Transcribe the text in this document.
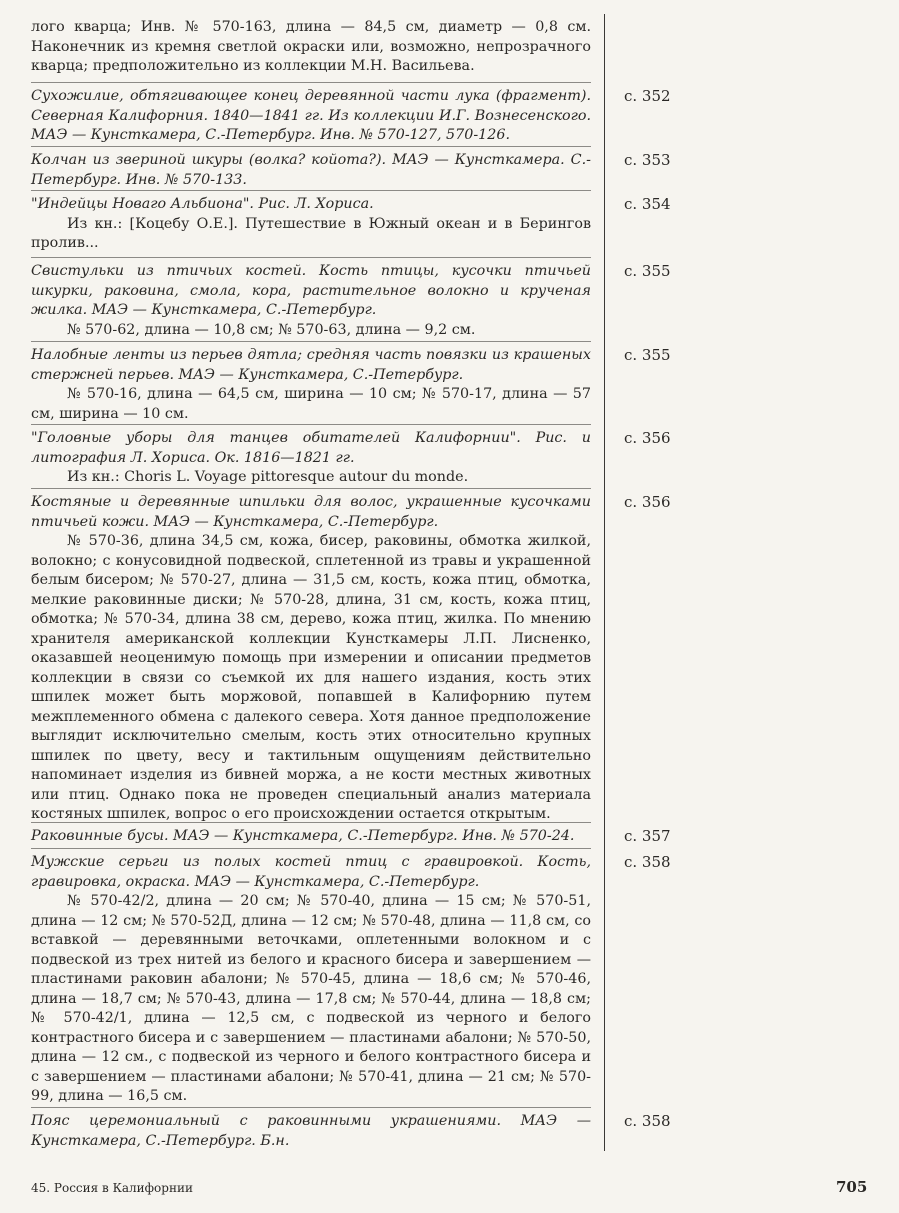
лого кварца; Инв. № 570-163, длина — 84,5 см, диаметр — 0,8 см. Наконечник из кремня светлой окраски или, возможно, непрозрачного кварца; предположительно из коллекции М.Н. Васильева.
Сухожилие, обтягивающее конец деревянной части лука (фрагмент). Северная Калифорния. 1840—1841 гг. Из коллекции И.Г. Вознесенского. МАЭ — Кунсткамера, С.-Петербург. Инв. № 570-127, 570-126.
с. 352
Колчан из звериной шкуры (волка? койота?). МАЭ — Кунсткамера. С.-Петербург. Инв. № 570-133.
с. 353
"Индейцы Новаго Альбиона". Рис. Л. Хориса.
Из кн.: [Коцебу О.Е.]. Путешествие в Южный океан и в Берингов пролив...
с. 354
Свистульки из птичьих костей. Кость птицы, кусочки птичьей шкурки, раковина, смола, кора, растительное волокно и крученая жилка. МАЭ — Кунсткамера, С.-Петербург.
№ 570-62, длина — 10,8 см; № 570-63, длина — 9,2 см.
с. 355
Налобные ленты из перьев дятла; средняя часть повязки из крашеных стержней перьев. МАЭ — Кунсткамера, С.-Петербург.
№ 570-16, длина — 64,5 см, ширина — 10 см; № 570-17, длина — 57 см, ширина — 10 см.
с. 355
"Головные уборы для танцев обитателей Калифорнии". Рис. и литография Л. Хориса. Ок. 1816—1821 гг.
Из кн.: Choris L. Voyage pittoresque autour du monde.
с. 356
Костяные и деревянные шпильки для волос, украшенные кусочками птичьей кожи. МАЭ — Кунсткамера, С.-Петербург.
№ 570-36, длина 34,5 см, кожа, бисер, раковины, обмотка жилкой, волокно; с конусовидной подвеской, сплетенной из травы и украшенной белым бисером; № 570-27, длина — 31,5 см, кость, кожа птиц, обмотка, мелкие раковинные диски; № 570-28, длина, 31 см, кость, кожа птиц, обмотка; № 570-34, длина 38 см, дерево, кожа птиц, жилка. По мнению хранителя американской коллекции Кунсткамеры Л.П. Лисненко, оказавшей неоценимую помощь при измерении и описании предметов коллекции в связи со съемкой их для нашего издания, кость этих шпилек может быть моржовой, попавшей в Калифорнию путем межплеменного обмена с далекого севера. Хотя данное предположение выглядит исключительно смелым, кость этих относительно крупных шпилек по цвету, весу и тактильным ощущениям действительно напоминает изделия из бивней моржа, а не кости местных животных или птиц. Однако пока не проведен специальный анализ материала костяных шпилек, вопрос о его происхождении остается открытым.
с. 356
Раковинные бусы. МАЭ — Кунсткамера, С.-Петербург. Инв. № 570-24.	с. 357
Мужские серьги из полых костей птиц с гравировкой. Кость, гравировка, окраска. МАЭ — Кунсткамера, С.-Петербург.
№ 570-42/2, длина — 20 см; № 570-40, длина — 15 см; № 570-51, длина — 12 см; № 570-52Д, длина — 12 см; № 570-48, длина — 11,8 см, со вставкой — деревянными веточками, оплетенными волокном и с подвеской из трех нитей из белого и красного бисера и завершением — пластинами раковин абалони; № 570-45, длина — 18,6 см; № 570-46, длина — 18,7 см; № 570-43, длина — 17,8 см; № 570-44, длина — 18,8 см; № 570-42/1, длина — 12,5 см, с подвеской из черного и белого контрастного бисера и с завершением — пластинами абалони; № 570-50, длина — 12 см., с подвеской из черного и белого контрастного бисера и с завершением — пластинами абалони; № 570-41, длина — 21 см; № 570-99, длина — 16,5 см.
с. 358
Пояс церемониальный с раковинными украшениями. МАЭ — Кунсткамера, С.-Петербург. Б.н.
с. 358
45. Россия в Калифорнии	705
